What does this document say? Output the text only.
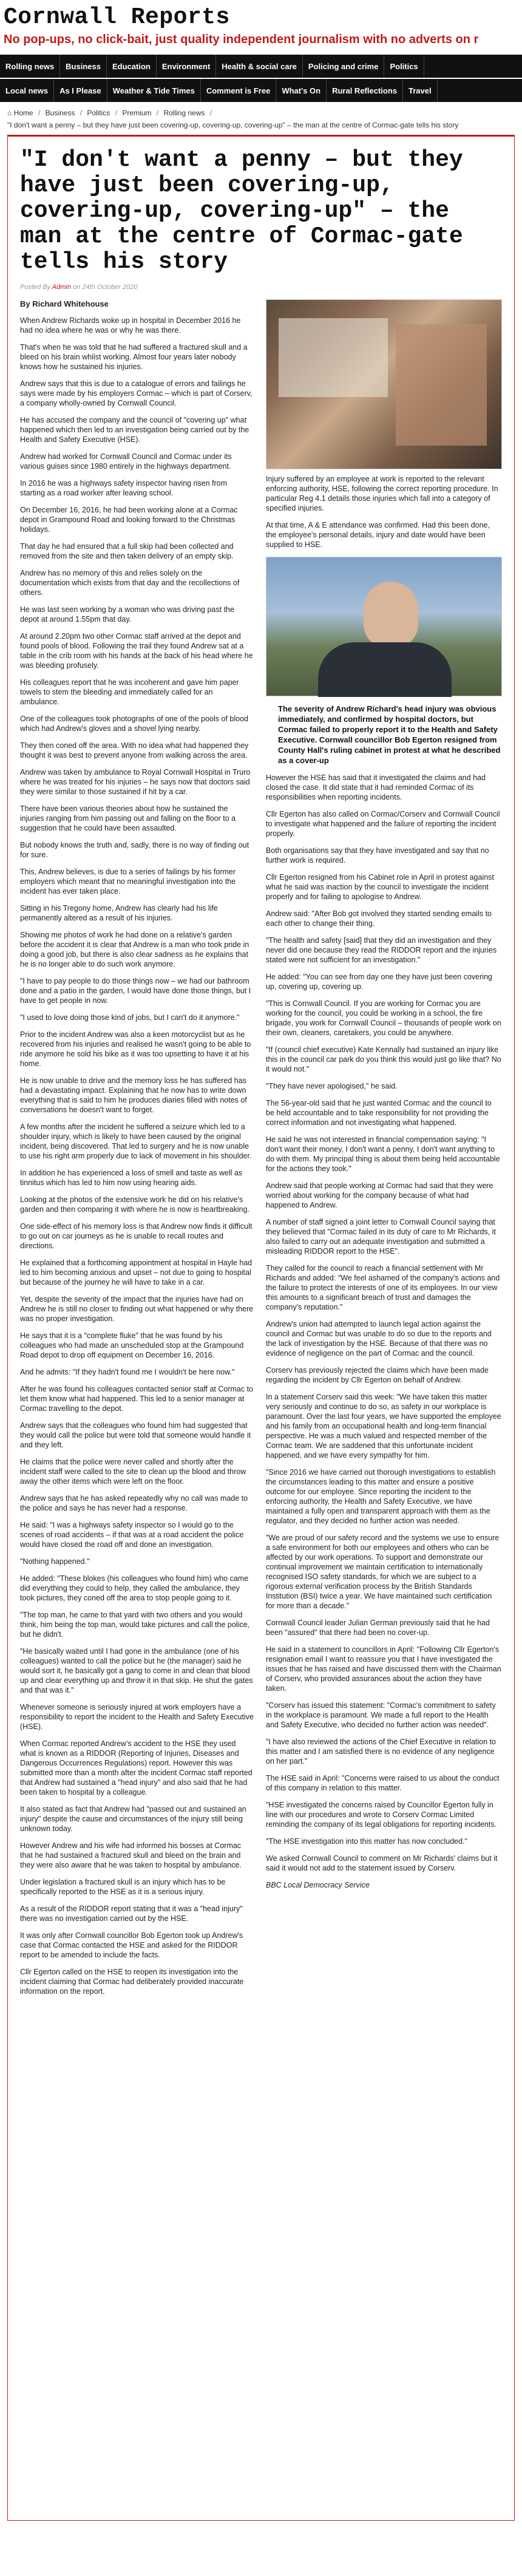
Cornwall Reports
No pop-ups, no click-bait, just quality independent journalism with no adverts on r
Rolling news	Business	Education	Environment	Health & social care	Policing and crime	Politics
Local news	As I Please	Weather & Tide Times	Comment is Free	What's On	Rural Reflections	Travel
⌂ Home / Business / Politics / Premium / Rolling news /
"I don't want a penny – but they have just been covering-up, covering-up, covering-up" – the man at the centre of Cormac-gate tells his story
"I don't want a penny – but they have just been covering-up, covering-up, covering-up" – the man at the centre of Cormac-gate tells his story
Posted By Admin on 24th October 2020
By Richard Whitehouse

When Andrew Richards woke up in hospital in December 2016 he had no idea where he was or why he was there.

That's when he was told that he had suffered a fractured skull and a bleed on his brain whilst working. Almost four years later nobody knows how he sustained his injuries.

Andrew says that this is due to a catalogue of errors and failings he says were made by his employers Cormac – which is part of Corserv, a company wholly-owned by Cornwall Council.

He has accused the company and the council of "covering up" what happened which then led to an investigation being carried out by the Health and Safety Executive (HSE).

Andrew had worked for Cornwall Council and Cormac under its various guises since 1980 entirely in the highways department.

In 2016 he was a highways safety inspector having risen from starting as a road worker after leaving school.

On December 16, 2016, he had been working alone at a Cormac depot in Grampound Road and looking forward to the Christmas holidays.

That day he had ensured that a full skip had been collected and removed from the site and then taken delivery of an empty skip.

Andrew has no memory of this and relies solely on the documentation which exists from that day and the recollections of others.

He was last seen working by a woman who was driving past the depot at around 1.55pm that day.

At around 2.20pm two other Cormac staff arrived at the depot and found pools of blood. Following the trail they found Andrew sat at a table in the crib room with his hands at the back of his head where he was bleeding profusely.

His colleagues report that he was incoherent and gave him paper towels to stem the bleeding and immediately called for an ambulance.

One of the colleagues took photographs of one of the pools of blood which had Andrew's gloves and a shovel lying nearby.

They then coned off the area. With no idea what had happened they thought it was best to prevent anyone from walking across the area.

Andrew was taken by ambulance to Royal Cornwall Hospital in Truro where he was treated for his injuries – he says now that doctors said they were similar to those sustained if hit by a car.

There have been various theories about how he sustained the injuries ranging from him passing out and falling on the floor to a suggestion that he could have been assaulted.

But nobody knows the truth and, sadly, there is no way of finding out for sure.

This, Andrew believes, is due to a series of failings by his former employers which meant that no meaningful investigation into the incident has ever taken place.

Sitting in his Tregony home, Andrew has clearly had his life permanently altered as a result of his injuries.

Showing me photos of work he had done on a relative's garden before the accident it is clear that Andrew is a man who took pride in doing a good job, but there is also clear sadness as he explains that he is no longer able to do such work anymore.

"I have to pay people to do those things now – we had our bathroom done and a patio in the garden, I would have done those things, but I have to get people in now.

"I used to love doing those kind of jobs, but I can't do it anymore."

Prior to the incident Andrew was also a keen motorcyclist but as he recovered from his injuries and realised he wasn't going to be able to ride anymore he sold his bike as it was too upsetting to have it at his home.

He is now unable to drive and the memory loss he has suffered has had a devastating impact. Explaining that he now has to write down everything that is said to him he produces diaries filled with notes of conversations he doesn't want to forget.

A few months after the incident he suffered a seizure which led to a shoulder injury, which is likely to have been caused by the original incident, being discovered. That led to surgery and he is now unable to use his right arm properly due to lack of movement in his shoulder.

In addition he has experienced a loss of smell and taste as well as tinnitus which has led to him now using hearing aids.

Looking at the photos of the extensive work he did on his relative's garden and then comparing it with where he is now is heartbreaking.

One side-effect of his memory loss is that Andrew now finds it difficult to go out on car journeys as he is unable to recall routes and directions.

He explained that a forthcoming appointment at hospital in Hayle had led to him becoming anxious and upset – not due to going to hospital but because of the journey he will have to take in a car.

Yet, despite the severity of the impact that the injuries have had on Andrew he is still no closer to finding out what happened or why there was no proper investigation.

He says that it is a "complete fluke" that he was found by his colleagues who had made an unscheduled stop at the Grampound Road depot to drop off equipment on December 16, 2016.

And he admits: "If they hadn't found me I wouldn't be here now."

After he was found his colleagues contacted senior staff at Cormac to let them know what had happened. This led to a senior manager at Cormac travelling to the depot.

Andrew says that the colleagues who found him had suggested that they would call the police but were told that someone would handle it and they left.

He claims that the police were never called and shortly after the incident staff were called to the site to clean up the blood and throw away the other items which were left on the floor.

Andrew says that he has asked repeatedly why no call was made to the police and says he has never had a response.

He said: "I was a highways safety inspector so I would go to the scenes of road accidents – if that was at a road accident the police would have closed the road off and done an investigation.

"Nothing happened."

He added: "These blokes (his colleagues who found him) who came did everything they could to help, they called the ambulance, they took pictures, they coned off the area to stop people going to it.

"The top man, he came to that yard with two others and you would think, him being the top man, would take pictures and call the police, but he didn't.

"He basically waited until I had gone in the ambulance (one of his colleagues) wanted to call the police but he (the manager) said he would sort it, he basically got a gang to come in and clean that blood up and clear everything up and throw it in that skip. He shut the gates and that was it."

Whenever someone is seriously injured at work employers have a responsibility to report the incident to the Health and Safety Executive (HSE).

When Cormac reported Andrew's accident to the HSE they used what is known as a RIDDOR (Reporting of Injuries, Diseases and Dangerous Occurrences Regulations) report. However this was submitted more than a month after the incident Cormac staff reported that Andrew had sustained a "head injury" and also said that he had been taken to hospital by a colleague.

It also stated as fact that Andrew had "passed out and sustained an injury" despite the cause and circumstances of the injury still being unknown today.

However Andrew and his wife had informed his bosses at Cormac that he had sustained a fractured skull and bleed on the brain and they were also aware that he was taken to hospital by ambulance.

Under legislation a fractured skull is an injury which has to be specifically reported to the HSE as it is a serious injury.

As a result of the RIDDOR report stating that it was a "head injury" there was no investigation carried out by the HSE.

It was only after Cornwall councillor Bob Egerton took up Andrew's case that Cormac contacted the HSE and asked for the RIDDOR report to be amended to include the facts.

Cllr Egerton called on the HSE to reopen its investigation into the incident claiming that Cormac had deliberately provided inaccurate information on the report.

Injury suffered by an employee at work is reported to the relevant enforcing authority, HSE, following the correct reporting procedure. In particular Reg 4.1 details those injuries which fall into a category of specified injuries.

At that time, A & E attendance was confirmed. Had this been done, the employee's personal details, injury and date would have been supplied to HSE.

The severity of Andrew Richard's head injury was obvious immediately, and confirmed by hospital doctors, but Cormac failed to properly report it to the Health and Safety Executive. Cornwall councillor Bob Egerton resigned from County Hall's ruling cabinet in protest at what he described as a cover-up

However the HSE has said that it investigated the claims and had closed the case. It did state that it had reminded Cormac of its responsibilities when reporting incidents.

Cllr Egerton has also called on Cormac/Corserv and Cornwall Council to investigate what happened and the failure of reporting the incident properly.

Both organisations say that they have investigated and say that no further work is required.

Cllr Egerton resigned from his Cabinet role in April in protest against what he said was inaction by the council to investigate the incident properly and for failing to apologise to Andrew.

Andrew said: "After Bob got involved they started sending emails to each other to change their thing.

"The health and safety [said] that they did an investigation and they never did one because they read the RIDDOR report and the injuries stated were not sufficient for an investigation."

He added: "You can see from day one they have just been covering up, covering up, covering up.

"This is Cornwall Council. If you are working for Cormac you are working for the council, you could be working in a school, the fire brigade, you work for Cornwall Council – thousands of people work on their own, cleaners, caretakers, you could be anywhere.

"If (council chief executive) Kate Kennally had sustained an injury like this in the council car park do you think this would just go like that? No it would not."

"They have never apologised," he said.

The 56-year-old said that he just wanted Cormac and the council to be held accountable and to take responsibility for not providing the correct information and not investigating what happened.

He said he was not interested in financial compensation saying: "I don't want their money, I don't want a penny, I don't want anything to do with them. My principal thing is about them being held accountable for the actions they took."

Andrew said that people working at Cormac had said that they were worried about working for the company because of what had happened to Andrew.

A number of staff signed a joint letter to Cornwall Council saying that they believed that "Cormac failed in its duty of care to Mr Richards, it also failed to carry out an adequate investigation and submitted a misleading RIDDOR report to the HSE".

They called for the council to reach a financial settlement with Mr Richards and added: "We feel ashamed of the company's actions and the failure to protect the interests of one of its employees. In our view this amounts to a significant breach of trust and damages the company's reputation."

Andrew's union had attempted to launch legal action against the council and Cormac but was unable to do so due to the reports and the lack of investigation by the HSE. Because of that there was no evidence of negligence on the part of Cormac and the council.

Corserv has previously rejected the claims which have been made regarding the incident by Cllr Egerton on behalf of Andrew.

In a statement Corserv said this week: "We have taken this matter very seriously and continue to do so, as safety in our workplace is paramount. Over the last four years, we have supported the employee and his family from an occupational health and long-term financial perspective. He was a much valued and respected member of the Cormac team. We are saddened that this unfortunate incident happened, and we have every sympathy for him.

"Since 2016 we have carried out thorough investigations to establish the circumstances leading to this matter and ensure a positive outcome for our employee. Since reporting the incident to the enforcing authority, the Health and Safety Executive, we have maintained a fully open and transparent approach with them as the regulator, and they decided no further action was needed.

"We are proud of our safety record and the systems we use to ensure a safe environment for both our employees and others who can be affected by our work operations. To support and demonstrate our continual improvement we maintain certification to internationally recognised ISO safety standards, for which we are subject to a rigorous external verification process by the British Standards Institution (BSI) twice a year. We have maintained such certification for more than a decade."

Cornwall Council leader Julian German previously said that he had been "assured" that there had been no cover-up.

He said in a statement to councillors in April: "Following Cllr Egerton's resignation email I want to reassure you that I have investigated the issues that he has raised and have discussed them with the Chairman of Corserv, who provided assurances about the action they have taken.

"Corserv has issued this statement: "Cormac's commitment to safety in the workplace is paramount. We made a full report to the Health and Safety Executive, who decided no further action was needed".

"I have also reviewed the actions of the Chief Executive in relation to this matter and I am satisfied there is no evidence of any negligence on her part."

The HSE said in April: "Concerns were raised to us about the conduct of this company in relation to this matter.

"HSE investigated the concerns raised by Councillor Egerton fully in line with our procedures and wrote to Corserv Cormac Limited reminding the company of its legal obligations for reporting incidents.

"The HSE investigation into this matter has now concluded."

We asked Cornwall Council to comment on Mr Richards' claims but it said it would not add to the statement issued by Corserv.

BBC Local Democracy Service
